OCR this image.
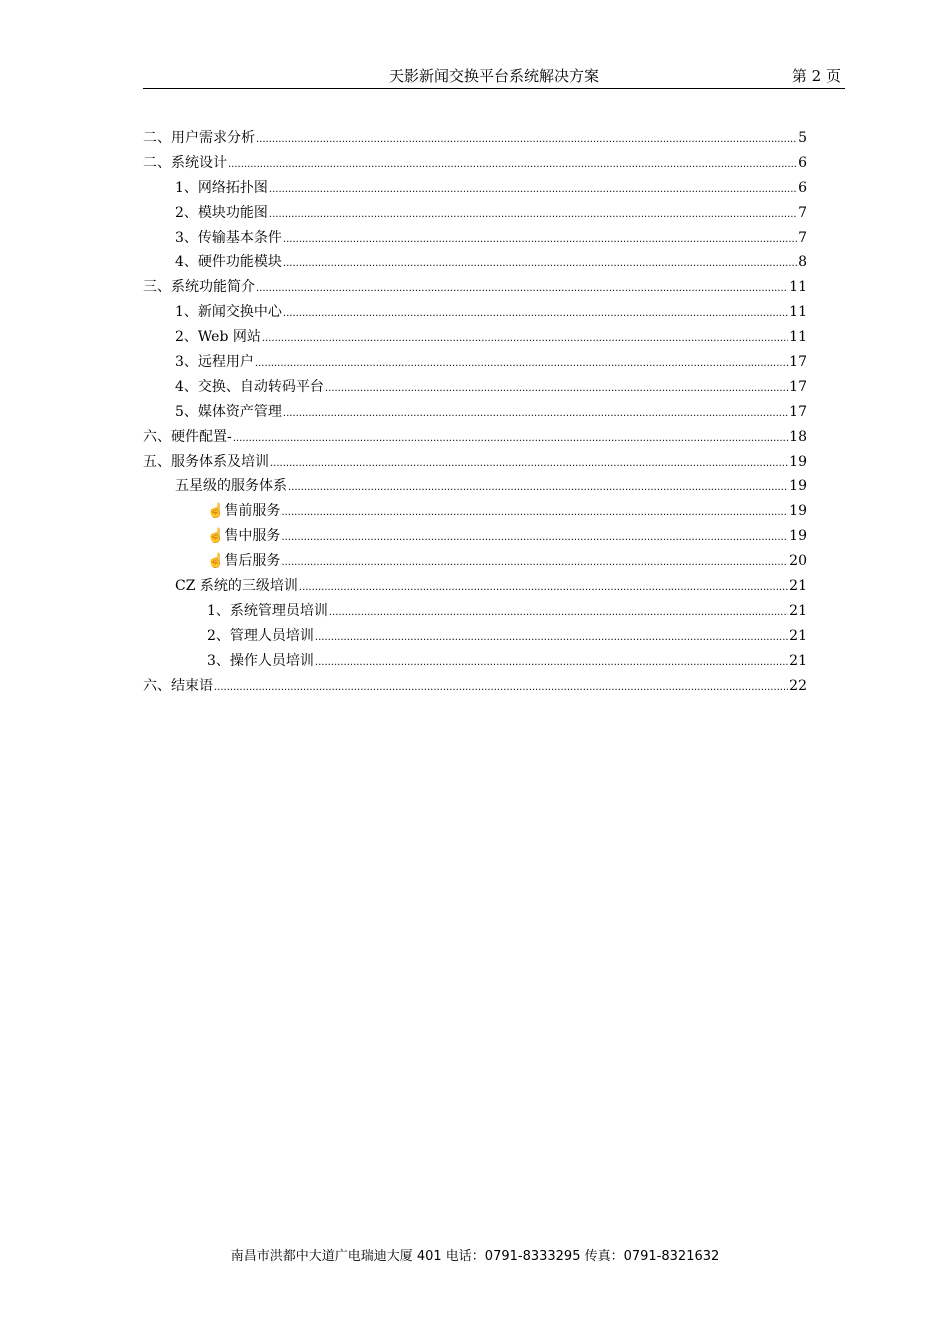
天影新闻交换平台系统解决方案	第 2 页
二、用户需求分析 .....	5
二、系统设计 .....	6
1、网络拓扑图 .....	6
2、模块功能图 .....	7
3、传输基本条件 .....	7
4、硬件功能模块 .....	8
三、系统功能简介 .....	11
1、新闻交换中心 .....	11
2、Web 网站 .....	11
3、远程用户 .....	17
4、交换、自动转码平台 .....	17
5、媒体资产管理 .....	17
六、硬件配置- .....	18
五、服务体系及培训 .....	19
五星级的服务体系 .....	19
☝售前服务 .....	19
☝售中服务 .....	19
☝售后服务 .....	20
CZ 系统的三级培训 .....	21
1、系统管理员培训 .....	21
2、管理人员培训 .....	21
3、操作人员培训 .....	21
六、结束语 .....	22
南昌市洪都中大道广电瑞迪大厦 401 电话：0791-8333295 传真：0791-8321632
